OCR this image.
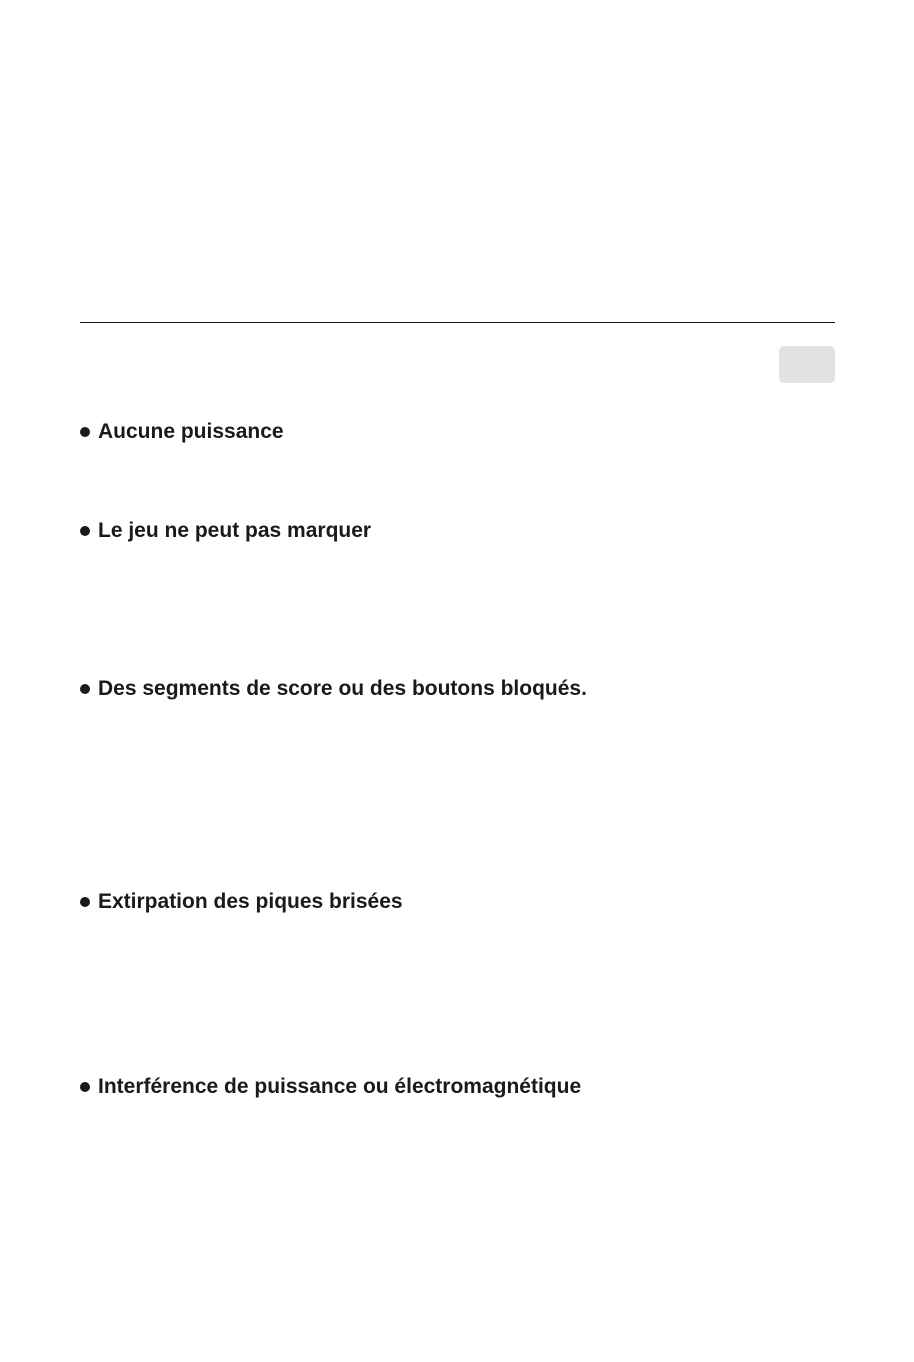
Aucune puissance
Le jeu ne peut pas marquer
Des segments de score ou des boutons bloqués.
Extirpation des piques brisées
Interférence de puissance ou électromagnétique
